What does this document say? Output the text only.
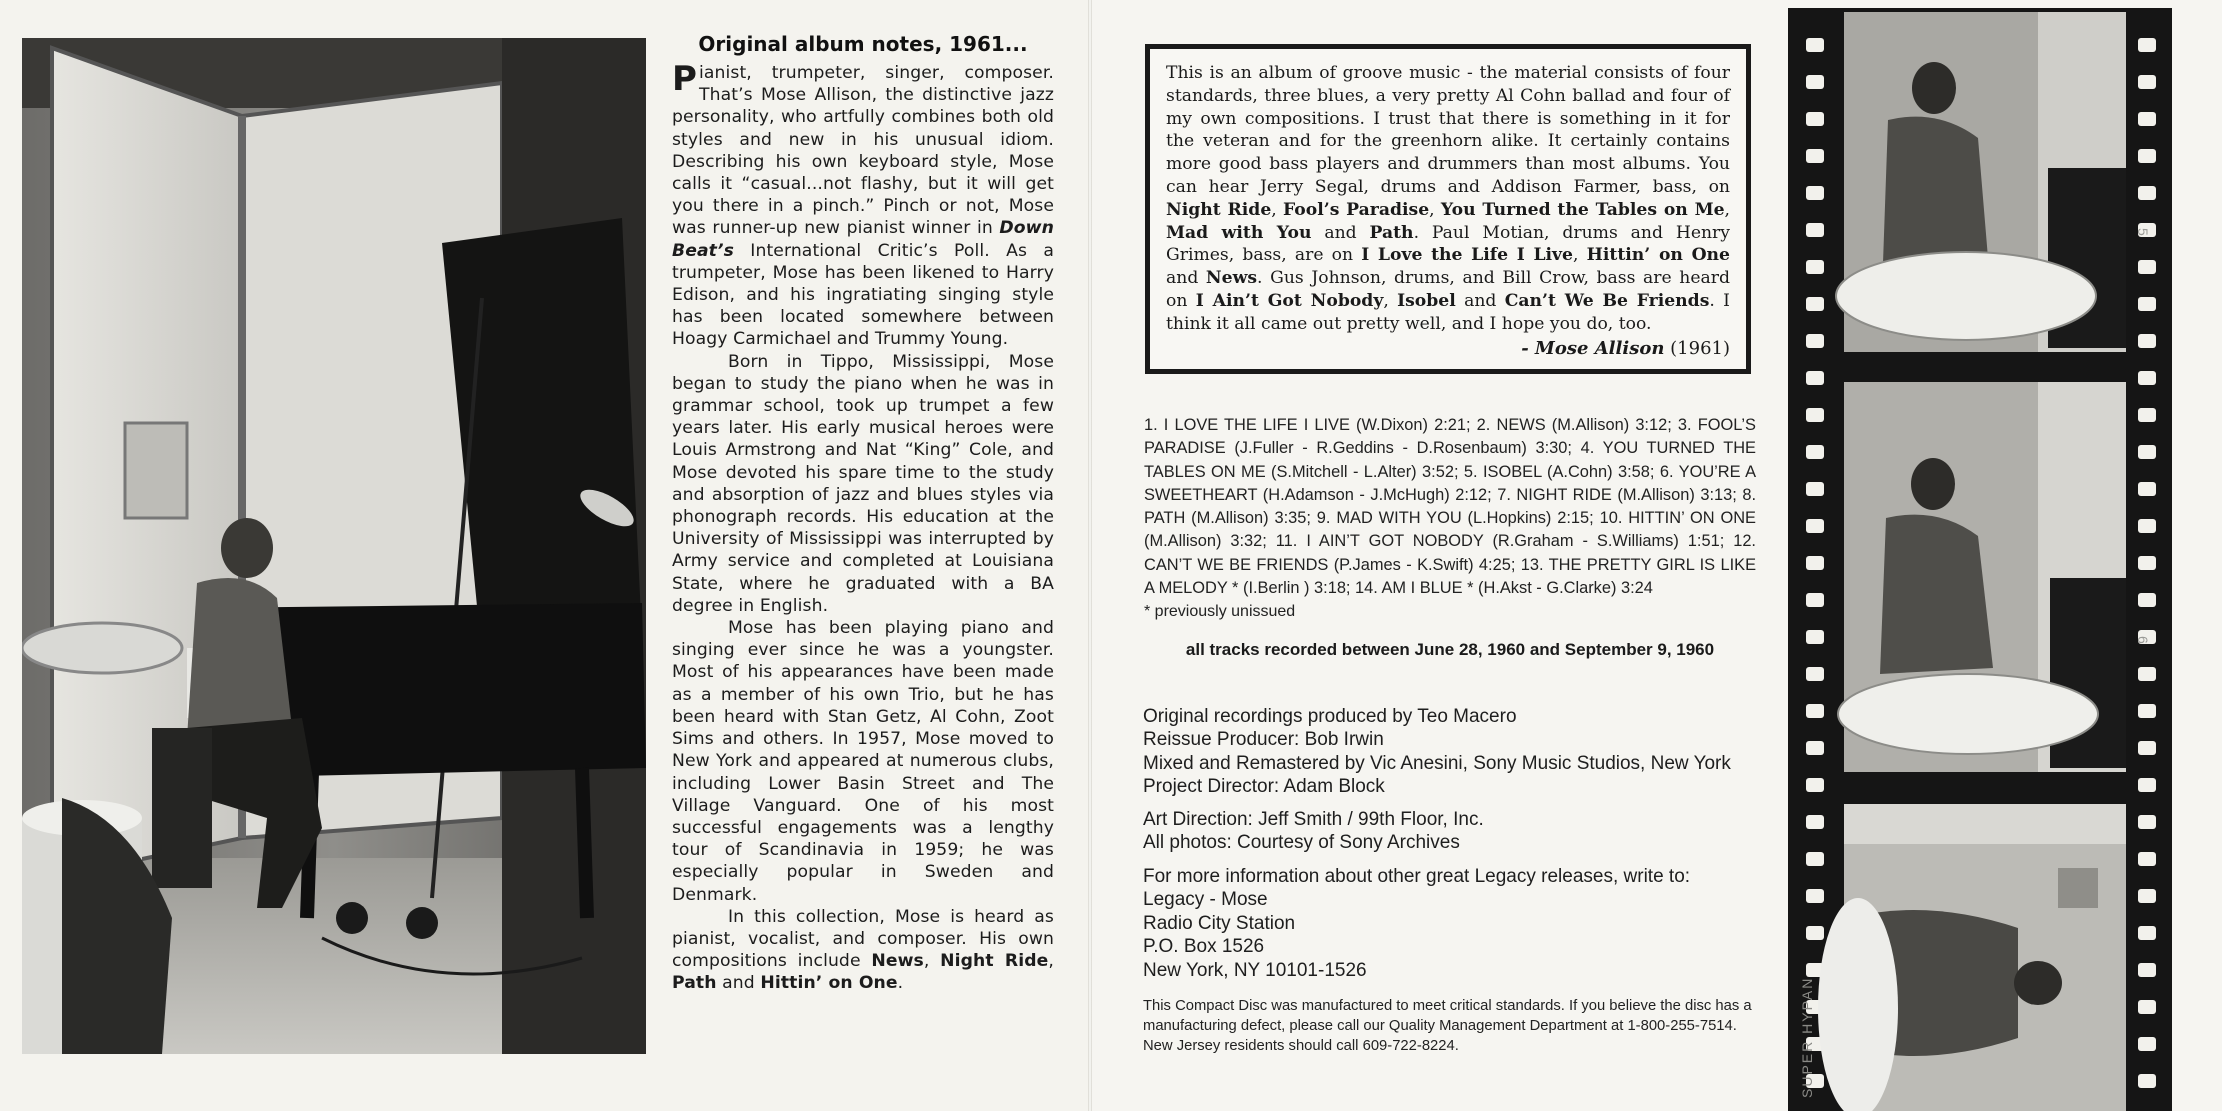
Original album notes, 1961...

Pianist, trumpeter, singer, composer. That’s Mose Allison, the distinctive jazz personality, who artfully combines both old styles and new in his unusual idiom. Describing his own keyboard style, Mose calls it “casual...not flashy, but it will get you there in a pinch.” Pinch or not, Mose was runner-up new pianist winner in Down Beat’s International Critic’s Poll. As a trumpeter, Mose has been likened to Harry Edison, and his ingratiating singing style has been located somewhere between Hoagy Carmichael and Trummy Young.

Born in Tippo, Mississippi, Mose began to study the piano when he was in grammar school, took up trumpet a few years later. His early musical heroes were Louis Armstrong and Nat “King” Cole, and Mose devoted his spare time to the study and absorption of jazz and blues styles via phonograph records. His education at the University of Mississippi was interrupted by Army service and completed at Louisiana State, where he graduated with a BA degree in English.

Mose has been playing piano and singing ever since he was a youngster. Most of his appearances have been made as a member of his own Trio, but he has been heard with Stan Getz, Al Cohn, Zoot Sims and others. In 1957, Mose moved to New York and appeared at numerous clubs, including Lower Basin Street and The Village Vanguard. One of his most successful engagements was a lengthy tour of Scandinavia in 1959; he was especially popular in Sweden and Denmark.

In this collection, Mose is heard as pianist, vocalist, and composer. His own compositions include News, Night Ride, Path and Hittin’ on One.

This is an album of groove music - the material consists of four standards, three blues, a very pretty Al Cohn ballad and four of my own compositions. I trust that there is something in it for the veteran and for the greenhorn alike. It certainly contains more good bass players and drummers than most albums. You can hear Jerry Segal, drums and Addison Farmer, bass, on Night Ride, Fool’s Paradise, You Turned the Tables on Me, Mad with You and Path. Paul Motian, drums and Henry Grimes, bass, are on I Love the Life I Live, Hittin’ on One and News. Gus Johnson, drums, and Bill Crow, bass are heard on I Ain’t Got Nobody, Isobel and Can’t We Be Friends. I think it all came out pretty well, and I hope you do, too.

- Mose Allison (1961)

1. I LOVE THE LIFE I LIVE (W.Dixon) 2:21; 2. NEWS (M.Allison) 3:12; 3. FOOL’S PARADISE (J.Fuller - R.Geddins - D.Rosenbaum) 3:30; 4. YOU TURNED THE TABLES ON ME (S.Mitchell - L.Alter) 3:52; 5. ISOBEL (A.Cohn) 3:58; 6. YOU’RE A SWEETHEART (H.Adamson - J.McHugh) 2:12; 7. NIGHT RIDE (M.Allison) 3:13; 8. PATH (M.Allison) 3:35; 9. MAD WITH YOU (L.Hopkins) 2:15; 10. HITTIN’ ON ONE (M.Allison) 3:32; 11. I AIN’T GOT NOBODY (R.Graham - S.Williams) 1:51; 12. CAN’T WE BE FRIENDS (P.James - K.Swift) 4:25; 13. THE PRETTY GIRL IS LIKE A MELODY * (I.Berlin ) 3:18; 14. AM I BLUE * (H.Akst - G.Clarke) 3:24

* previously unissued

all tracks recorded between June 28, 1960 and September 9, 1960
Original recordings produced by Teo Macero
Reissue Producer: Bob Irwin
Mixed and Remastered by Vic Anesini, Sony Music Studios, New York
Project Director: Adam Block
Art Direction: Jeff Smith / 99th Floor, Inc.
All photos: Courtesy of Sony Archives
For more information about other great Legacy releases, write to:
Legacy - Mose
Radio City Station
P.O. Box 1526
New York, NY 10101-1526
This Compact Disc was manufactured to meet critical standards. If you believe the disc has a manufacturing defect, please call our Quality Management Department at 1-800-255-7514. New Jersey residents should call 609-722-8224.
5
6
SUPER HYPAN
